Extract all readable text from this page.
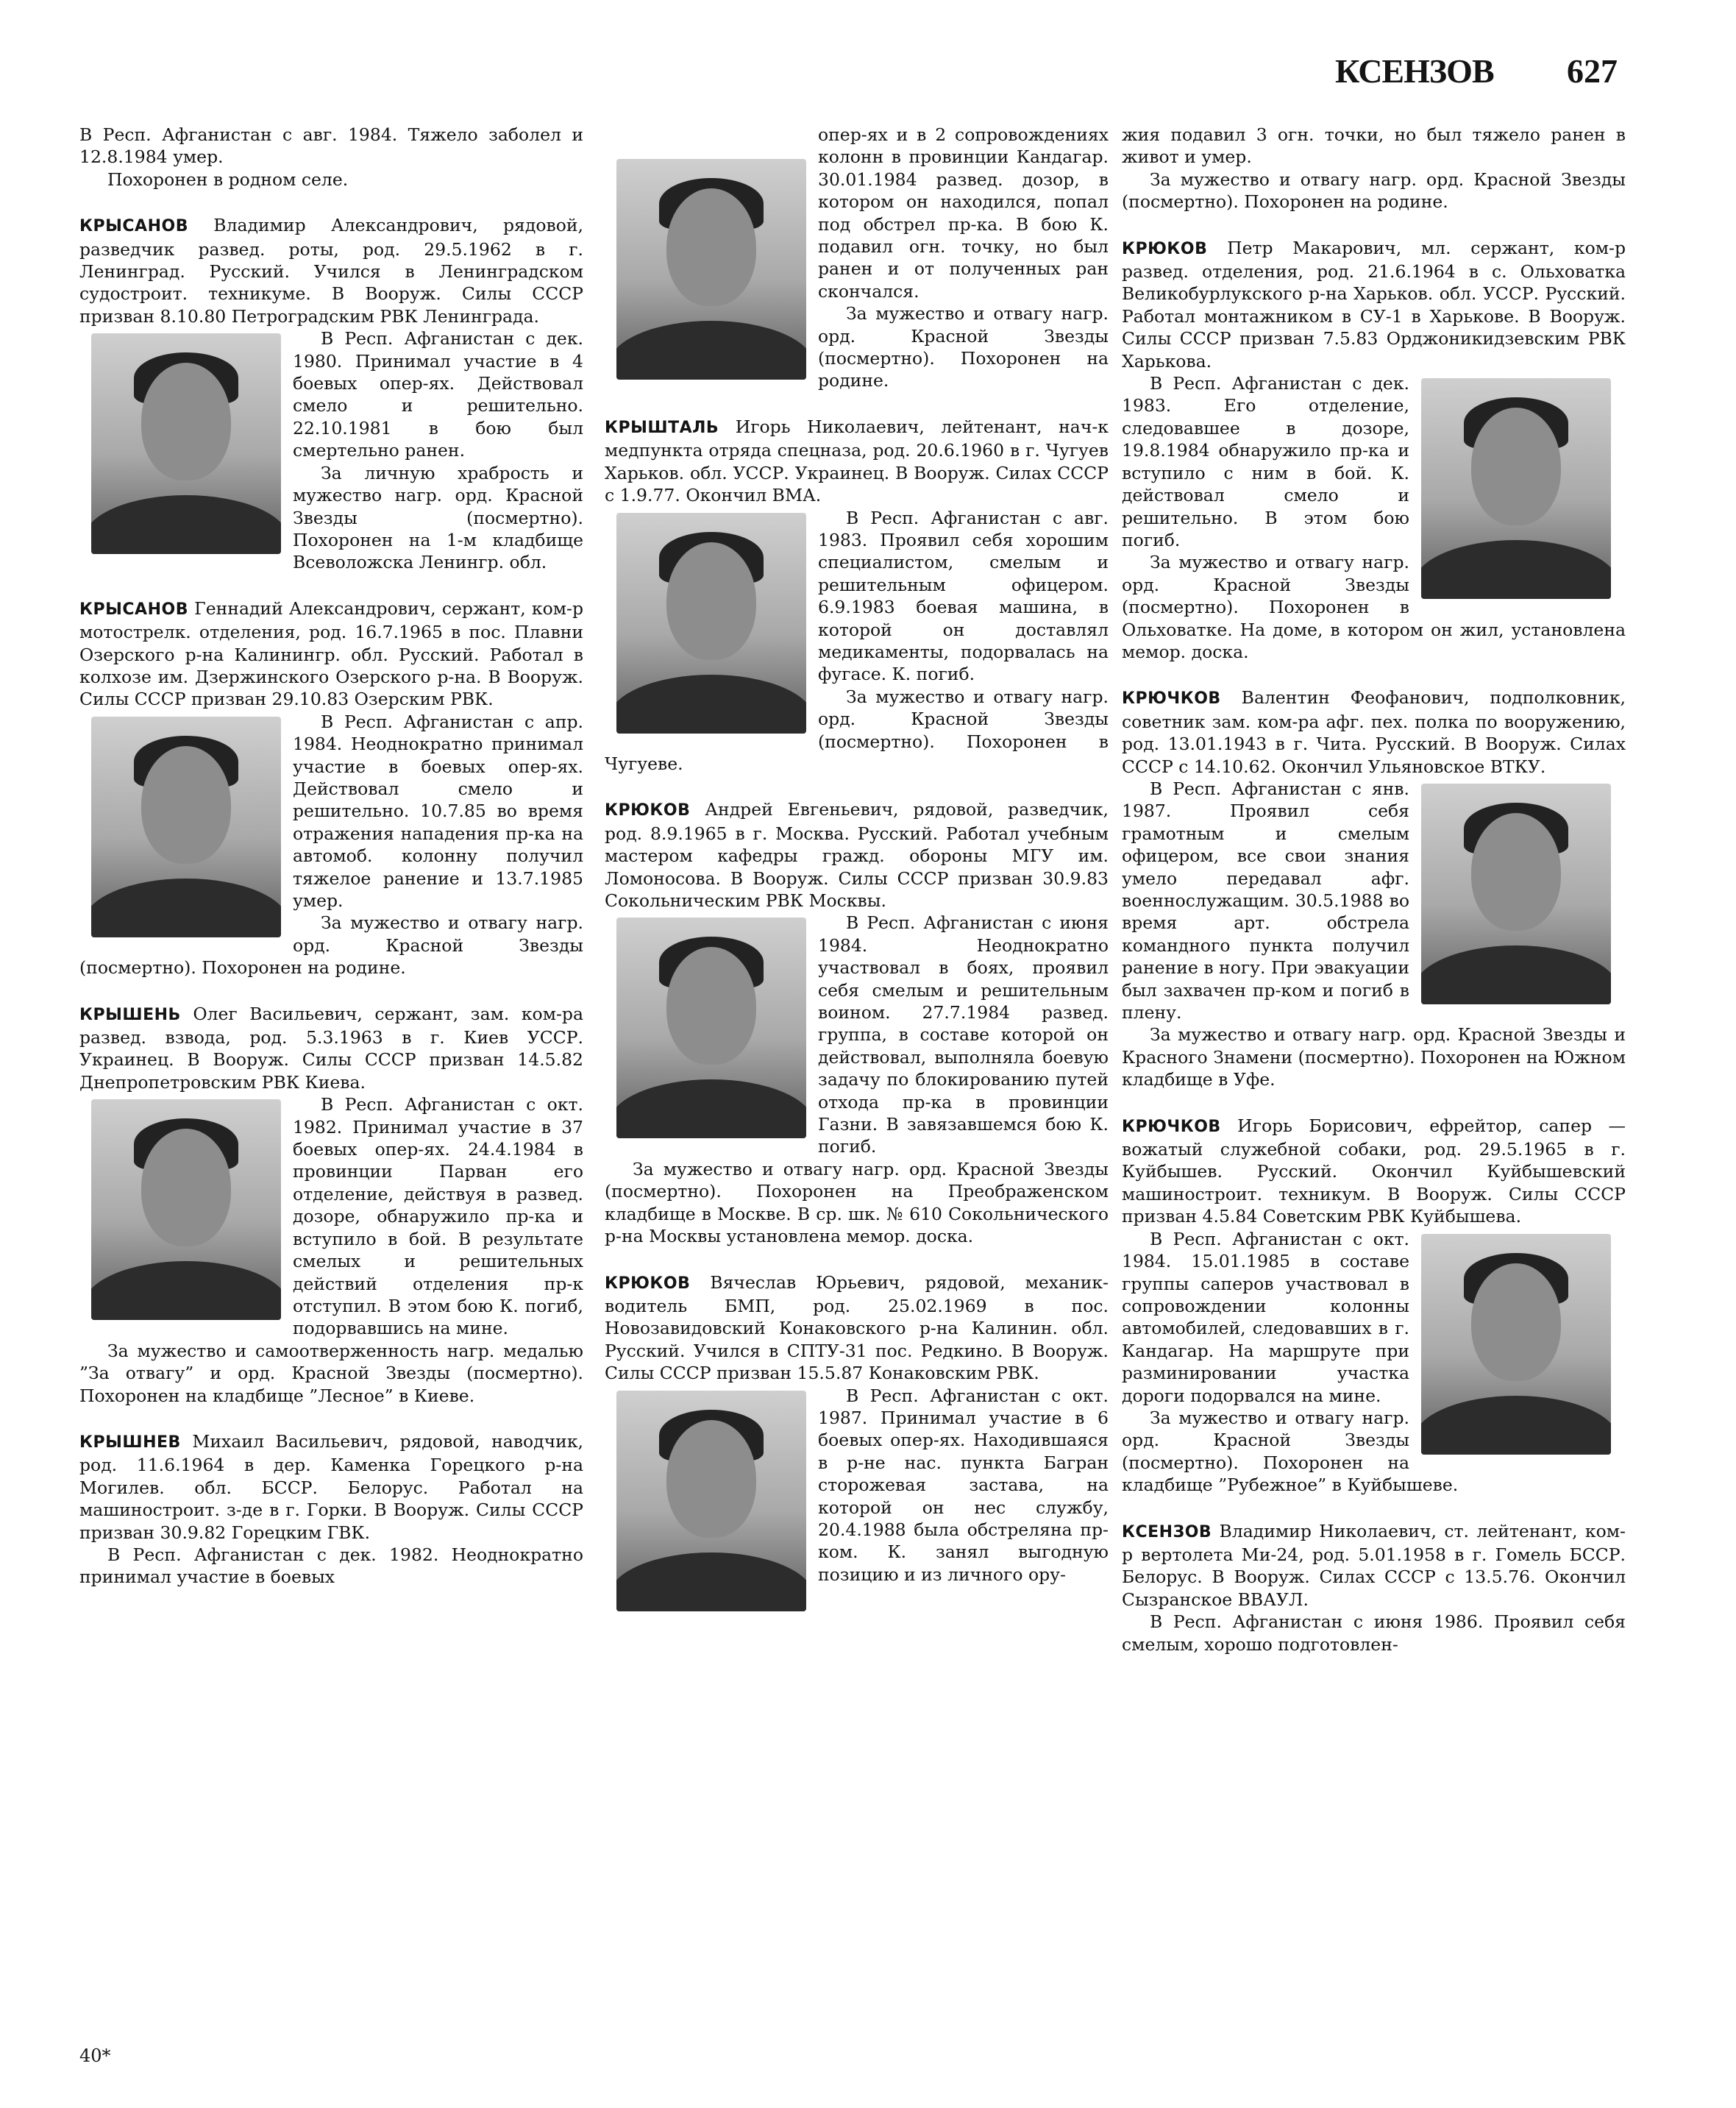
КСЕНЗОВ 627

В Респ. Афганистан с авг. 1984. Тяжело заболел и 12.8.1984 умер.

Похоронен в родном селе.

КРЫСАНОВ Владимир Александрович, рядовой, разведчик развед. роты, род. 29.5.1962 в г. Ленинград. Русский. Учился в Ленинградском судостроит. техникуме. В Вооруж. Силы СССР призван 8.10.80 Петроградским РВК Ленинграда.

В Респ. Афганистан с дек. 1980. Принимал участие в 4 боевых опер-ях. Действовал смело и решительно. 22.10.1981 в бою был смертельно ранен.

За личную храбрость и мужество нагр. орд. Красной Звезды (посмертно). Похоронен на 1-м кладбище Всеволожска Ленингр. обл.

КРЫСАНОВ Геннадий Александрович, сержант, ком-р мотострелк. отделения, род. 16.7.1965 в пос. Плавни Озерского р-на Калинингр. обл. Русский. Работал в колхозе им. Дзержинского Озерского р-на. В Вооруж. Силы СССР призван 29.10.83 Озерским РВК.

В Респ. Афганистан с апр. 1984. Неоднократно принимал участие в боевых опер-ях. Действовал смело и решительно. 10.7.85 во время отражения нападения пр-ка на автомоб. колонну получил тяжелое ранение и 13.7.1985 умер.

За мужество и отвагу нагр. орд. Красной Звезды (посмертно). Похоронен на родине.

КРЫШЕНЬ Олег Васильевич, сержант, зам. ком-ра развед. взвода, род. 5.3.1963 в г. Киев УССР. Украинец. В Вооруж. Силы СССР призван 14.5.82 Днепропетровским РВК Киева.

В Респ. Афганистан с окт. 1982. Принимал участие в 37 боевых опер-ях. 24.4.1984 в провинции Парван его отделение, действуя в развед. дозоре, обнаружило пр-ка и вступило в бой. В результате смелых и решительных действий отделения пр-к отступил. В этом бою К. погиб, подорвавшись на мине.

За мужество и самоотверженность нагр. медалью ”За отвагу” и орд. Красной Звезды (посмертно). Похоронен на кладбище ”Лесное” в Киеве.

КРЫШНЕВ Михаил Васильевич, рядовой, наводчик, род. 11.6.1964 в дер. Каменка Горецкого р-на Могилев. обл. БССР. Белорус. Работал на машиностроит. з-де в г. Горки. В Вооруж. Силы СССР призван 30.9.82 Горецким ГВК.

В Респ. Афганистан с дек. 1982. Неоднократно принимал участие в боевых

опер-ях и в 2 сопровождениях колонн в провинции Кандагар. 30.01.1984 развед. дозор, в котором он находился, попал под обстрел пр-ка. В бою К. подавил огн. точку, но был ранен и от полученных ран скончался.

За мужество и отвагу нагр. орд. Красной Звезды (посмертно). Похоронен на родине.

КРЫШТАЛЬ Игорь Николаевич, лейтенант, нач-к медпункта отряда спецназа, род. 20.6.1960 в г. Чугуев Харьков. обл. УССР. Украинец. В Вооруж. Силах СССР с 1.9.77. Окончил ВМА.

В Респ. Афганистан с авг. 1983. Проявил себя хорошим специалистом, смелым и решительным офицером. 6.9.1983 боевая машина, в которой он доставлял медикаменты, подорвалась на фугасе. К. погиб.

За мужество и отвагу нагр. орд. Красной Звезды (посмертно). Похоронен в Чугуеве.

КРЮКОВ Андрей Евгеньевич, рядовой, разведчик, род. 8.9.1965 в г. Москва. Русский. Работал учебным мастером кафедры гражд. обороны МГУ им. Ломоносова. В Вооруж. Силы СССР призван 30.9.83 Сокольническим РВК Москвы.

В Респ. Афганистан с июня 1984. Неоднократно участвовал в боях, проявил себя смелым и решительным воином. 27.7.1984 развед. группа, в составе которой он действовал, выполняла боевую задачу по блокированию путей отхода пр-ка в провинции Газни. В завязавшемся бою К. погиб.

За мужество и отвагу нагр. орд. Красной Звезды (посмертно). Похоронен на Преображенском кладбище в Москве. В ср. шк. № 610 Сокольнического р-на Москвы установлена мемор. доска.

КРЮКОВ Вячеслав Юрьевич, рядовой, механик-водитель БМП, род. 25.02.1969 в пос. Новозавидовский Конаковского р-на Калинин. обл. Русский. Учился в СПТУ-31 пос. Редкино. В Вооруж. Силы СССР призван 15.5.87 Конаковским РВК.

В Респ. Афганистан с окт. 1987. Принимал участие в 6 боевых опер-ях. Находившаяся в р-не нас. пункта Багран сторожевая застава, на которой он нес службу, 20.4.1988 была обстреляна пр-ком. К. занял выгодную позицию и из личного ору-

жия подавил 3 огн. точки, но был тяжело ранен в живот и умер.

За мужество и отвагу нагр. орд. Красной Звезды (посмертно). Похоронен на родине.

КРЮКОВ Петр Макарович, мл. сержант, ком-р развед. отделения, род. 21.6.1964 в с. Ольховатка Великобурлукского р-на Харьков. обл. УССР. Русский. Работал монтажником в СУ-1 в Харькове. В Вооруж. Силы СССР призван 7.5.83 Орджоникидзевским РВК Харькова.

В Респ. Афганистан с дек. 1983. Его отделение, следовавшее в дозоре, 19.8.1984 обнаружило пр-ка и вступило с ним в бой. К. действовал смело и решительно. В этом бою погиб.

За мужество и отвагу нагр. орд. Красной Звезды (посмертно). Похоронен в Ольховатке. На доме, в котором он жил, установлена мемор. доска.

КРЮЧКОВ Валентин Феофанович, подполковник, советник зам. ком-ра афг. пех. полка по вооружению, род. 13.01.1943 в г. Чита. Русский. В Вооруж. Силах СССР с 14.10.62. Окончил Ульяновское ВТКУ.

В Респ. Афганистан с янв. 1987. Проявил себя грамотным и смелым офицером, все свои знания умело передавал афг. военнослужащим. 30.5.1988 во время арт. обстрела командного пункта получил ранение в ногу. При эвакуации был захвачен пр-ком и погиб в плену.

За мужество и отвагу нагр. орд. Красной Звезды и Красного Знамени (посмертно). Похоронен на Южном кладбище в Уфе.

КРЮЧКОВ Игорь Борисович, ефрейтор, сапер — вожатый служебной собаки, род. 29.5.1965 в г. Куйбышев. Русский. Окончил Куйбышевский машиностроит. техникум. В Вооруж. Силы СССР призван 4.5.84 Советским РВК Куйбышева.

В Респ. Афганистан с окт. 1984. 15.01.1985 в составе группы саперов участвовал в сопровождении колонны автомобилей, следовавших в г. Кандагар. На маршруте при разминировании участка дороги подорвался на мине.

За мужество и отвагу нагр. орд. Красной Звезды (посмертно). Похоронен на кладбище ”Рубежное” в Куйбышеве.

КСЕНЗОВ Владимир Николаевич, ст. лейтенант, ком-р вертолета Ми-24, род. 5.01.1958 в г. Гомель БССР. Белорус. В Вооруж. Силах СССР с 13.5.76. Окончил Сызранское ВВАУЛ.

В Респ. Афганистан с июня 1986. Проявил себя смелым, хорошо подготовлен-

40*
